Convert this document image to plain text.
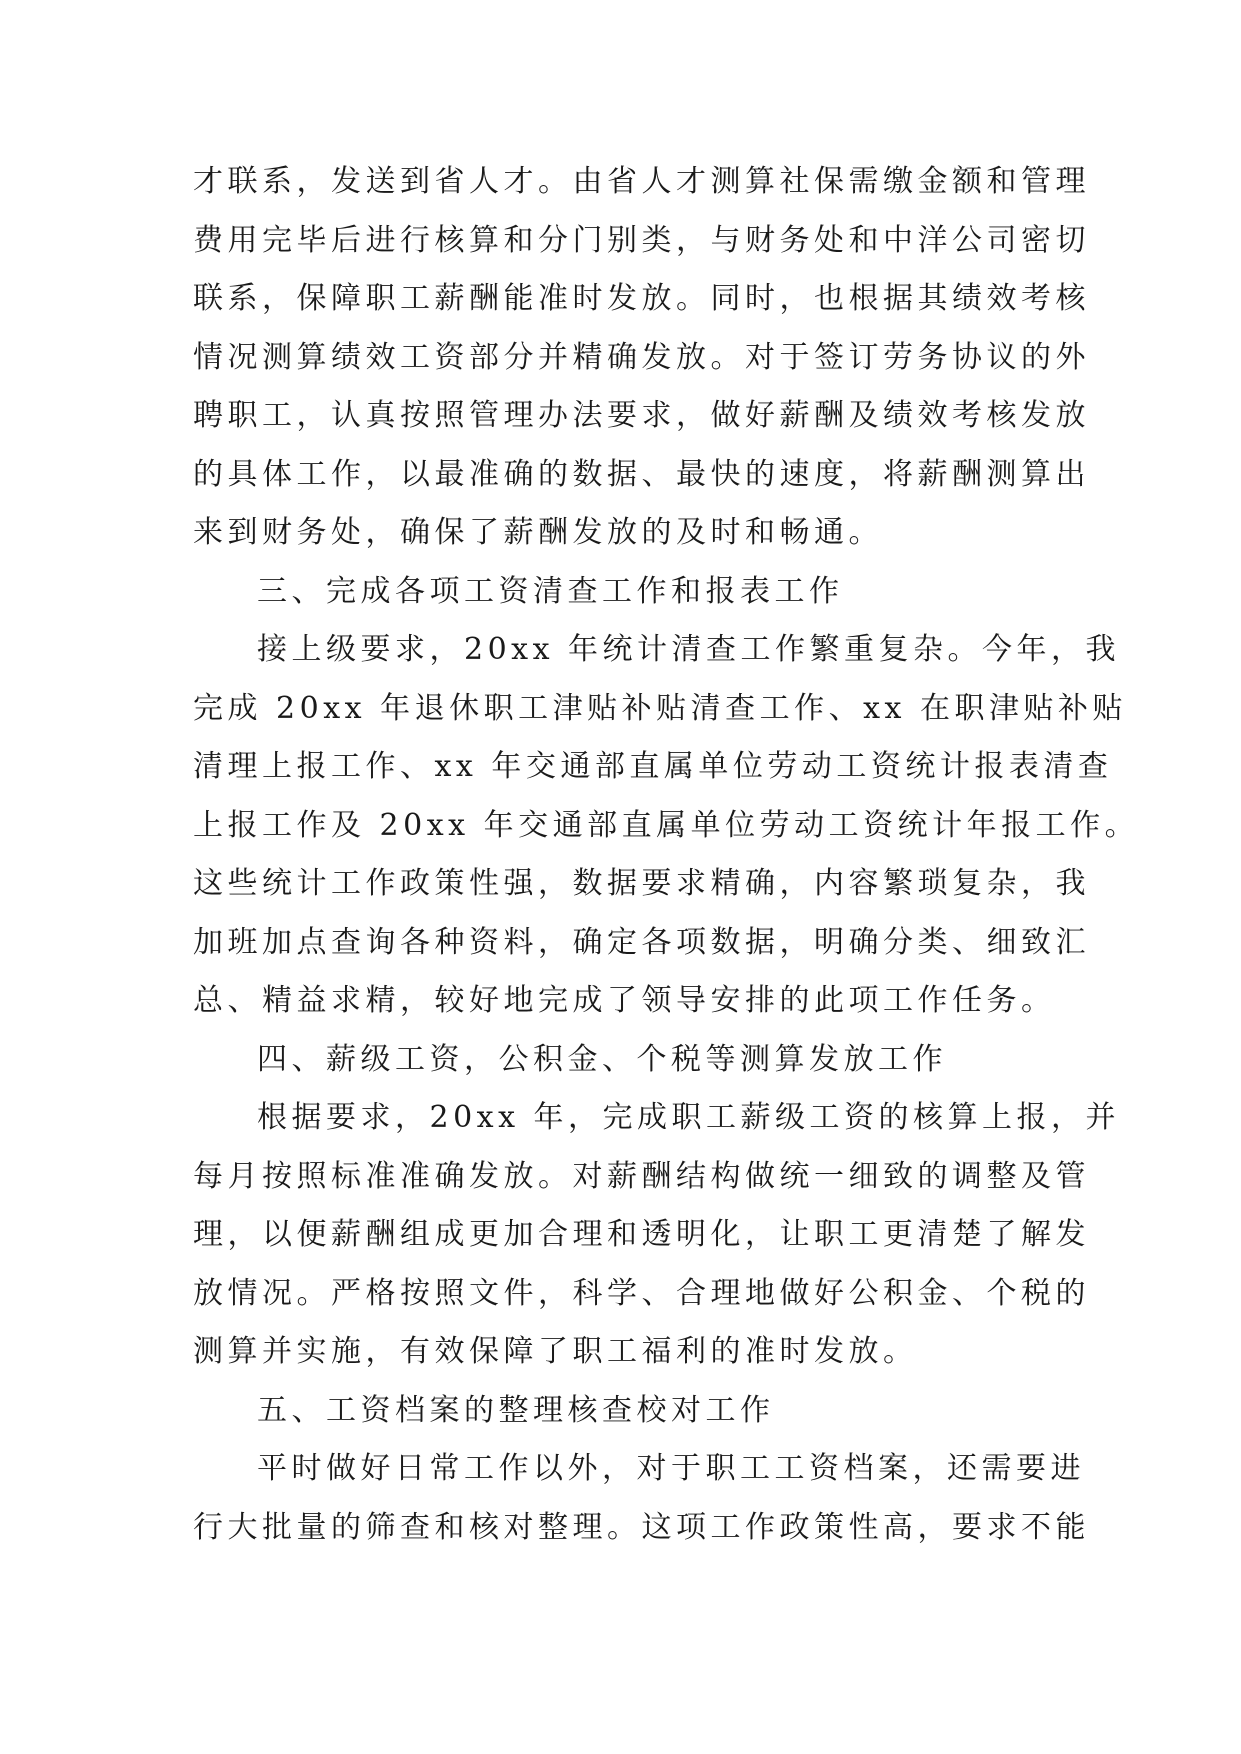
才联系，发送到省人才。由省人才测算社保需缴金额和管理
费用完毕后进行核算和分门别类，与财务处和中洋公司密切
联系，保障职工薪酬能准时发放。同时，也根据其绩效考核
情况测算绩效工资部分并精确发放。对于签订劳务协议的外
聘职工，认真按照管理办法要求，做好薪酬及绩效考核发放
的具体工作，以最准确的数据、最快的速度，将薪酬测算出
来到财务处，确保了薪酬发放的及时和畅通。
三、完成各项工资清查工作和报表工作
接上级要求，20xx 年统计清查工作繁重复杂。今年，我
完成 20xx 年退休职工津贴补贴清查工作、xx 在职津贴补贴
清理上报工作、xx 年交通部直属单位劳动工资统计报表清查
上报工作及 20xx 年交通部直属单位劳动工资统计年报工作。
这些统计工作政策性强，数据要求精确，内容繁琐复杂，我
加班加点查询各种资料，确定各项数据，明确分类、细致汇
总、精益求精，较好地完成了领导安排的此项工作任务。
四、薪级工资，公积金、个税等测算发放工作
根据要求，20xx 年，完成职工薪级工资的核算上报，并
每月按照标准准确发放。对薪酬结构做统一细致的调整及管
理，以便薪酬组成更加合理和透明化，让职工更清楚了解发
放情况。严格按照文件，科学、合理地做好公积金、个税的
测算并实施，有效保障了职工福利的准时发放。
五、工资档案的整理核查校对工作
平时做好日常工作以外，对于职工工资档案，还需要进
行大批量的筛查和核对整理。这项工作政策性高，要求不能
